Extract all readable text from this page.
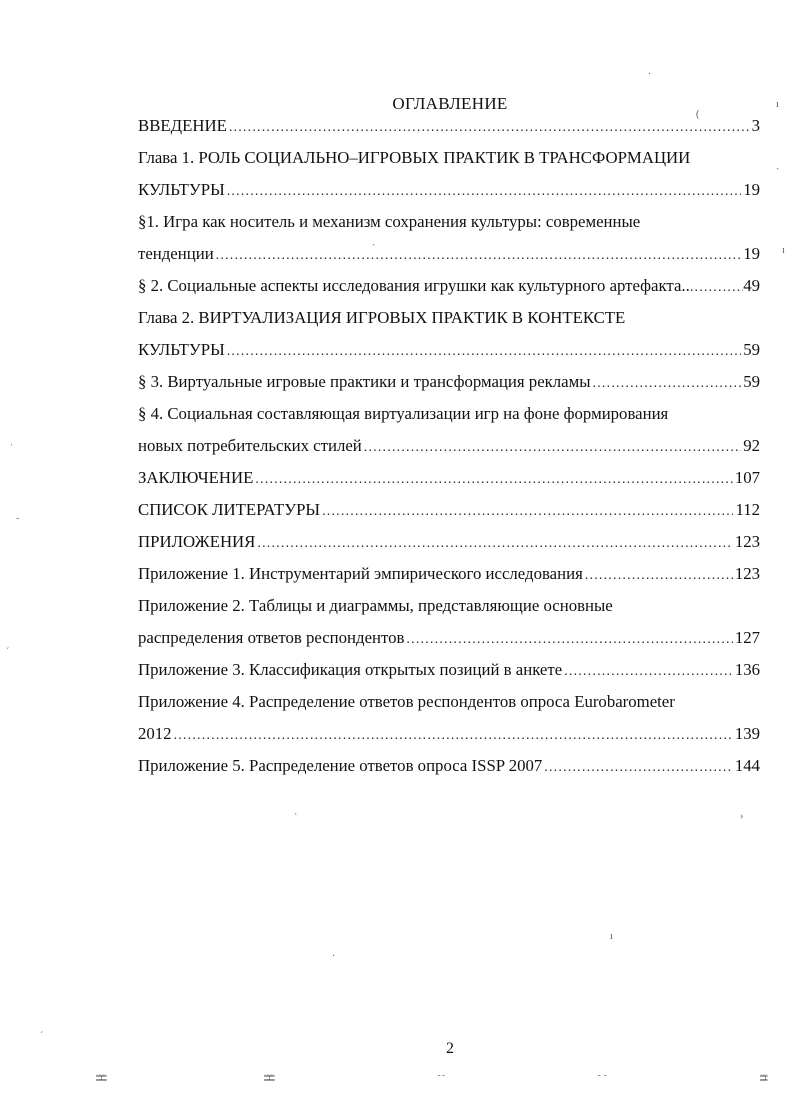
ОГЛАВЛЕНИЕ
ВВЕДЕНИЕ .....	3
Глава 1. РОЛЬ СОЦИАЛЬНО–ИГРОВЫХ ПРАКТИК В ТРАНСФОРМАЦИИ
КУЛЬТУРЫ .....	19
§1. Игра как носитель и механизм сохранения культуры: современные
тенденции .....	19
§ 2. Социальные аспекты исследования игрушки как культурного артефакта.. .....	49
Глава 2. ВИРТУАЛИЗАЦИЯ ИГРОВЫХ ПРАКТИК В КОНТЕКСТЕ
КУЛЬТУРЫ .....	59
§ 3. Виртуальные игровые практики и трансформация рекламы .....	59
§ 4. Социальная составляющая виртуализации игр на фоне формирования
новых потребительских стилей .....	92
ЗАКЛЮЧЕНИЕ .....	107
СПИСОК ЛИТЕРАТУРЫ .....	112
ПРИЛОЖЕНИЯ .....	123
Приложение 1. Инструментарий эмпирического исследования .....	123
Приложение 2. Таблицы и диаграммы, представляющие основные
распределения ответов респондентов .....	127
Приложение 3. Классификация открытых позиций в анкете .....	136
Приложение 4. Распределение ответов респондентов опроса Eurobarometer
2012 .....	139
Приложение 5. Распределение ответов опроса ISSP 2007 .....	144
2
·
(
ı
ˎ
ˏ
ı
ˌ
ˍ
ˊ
ˋ	›
ı
·
ˊ
═╤═
▔▔▔
═╤═
▔▔▔
╶ ╴	╴ ╴	═╤
▔▔
